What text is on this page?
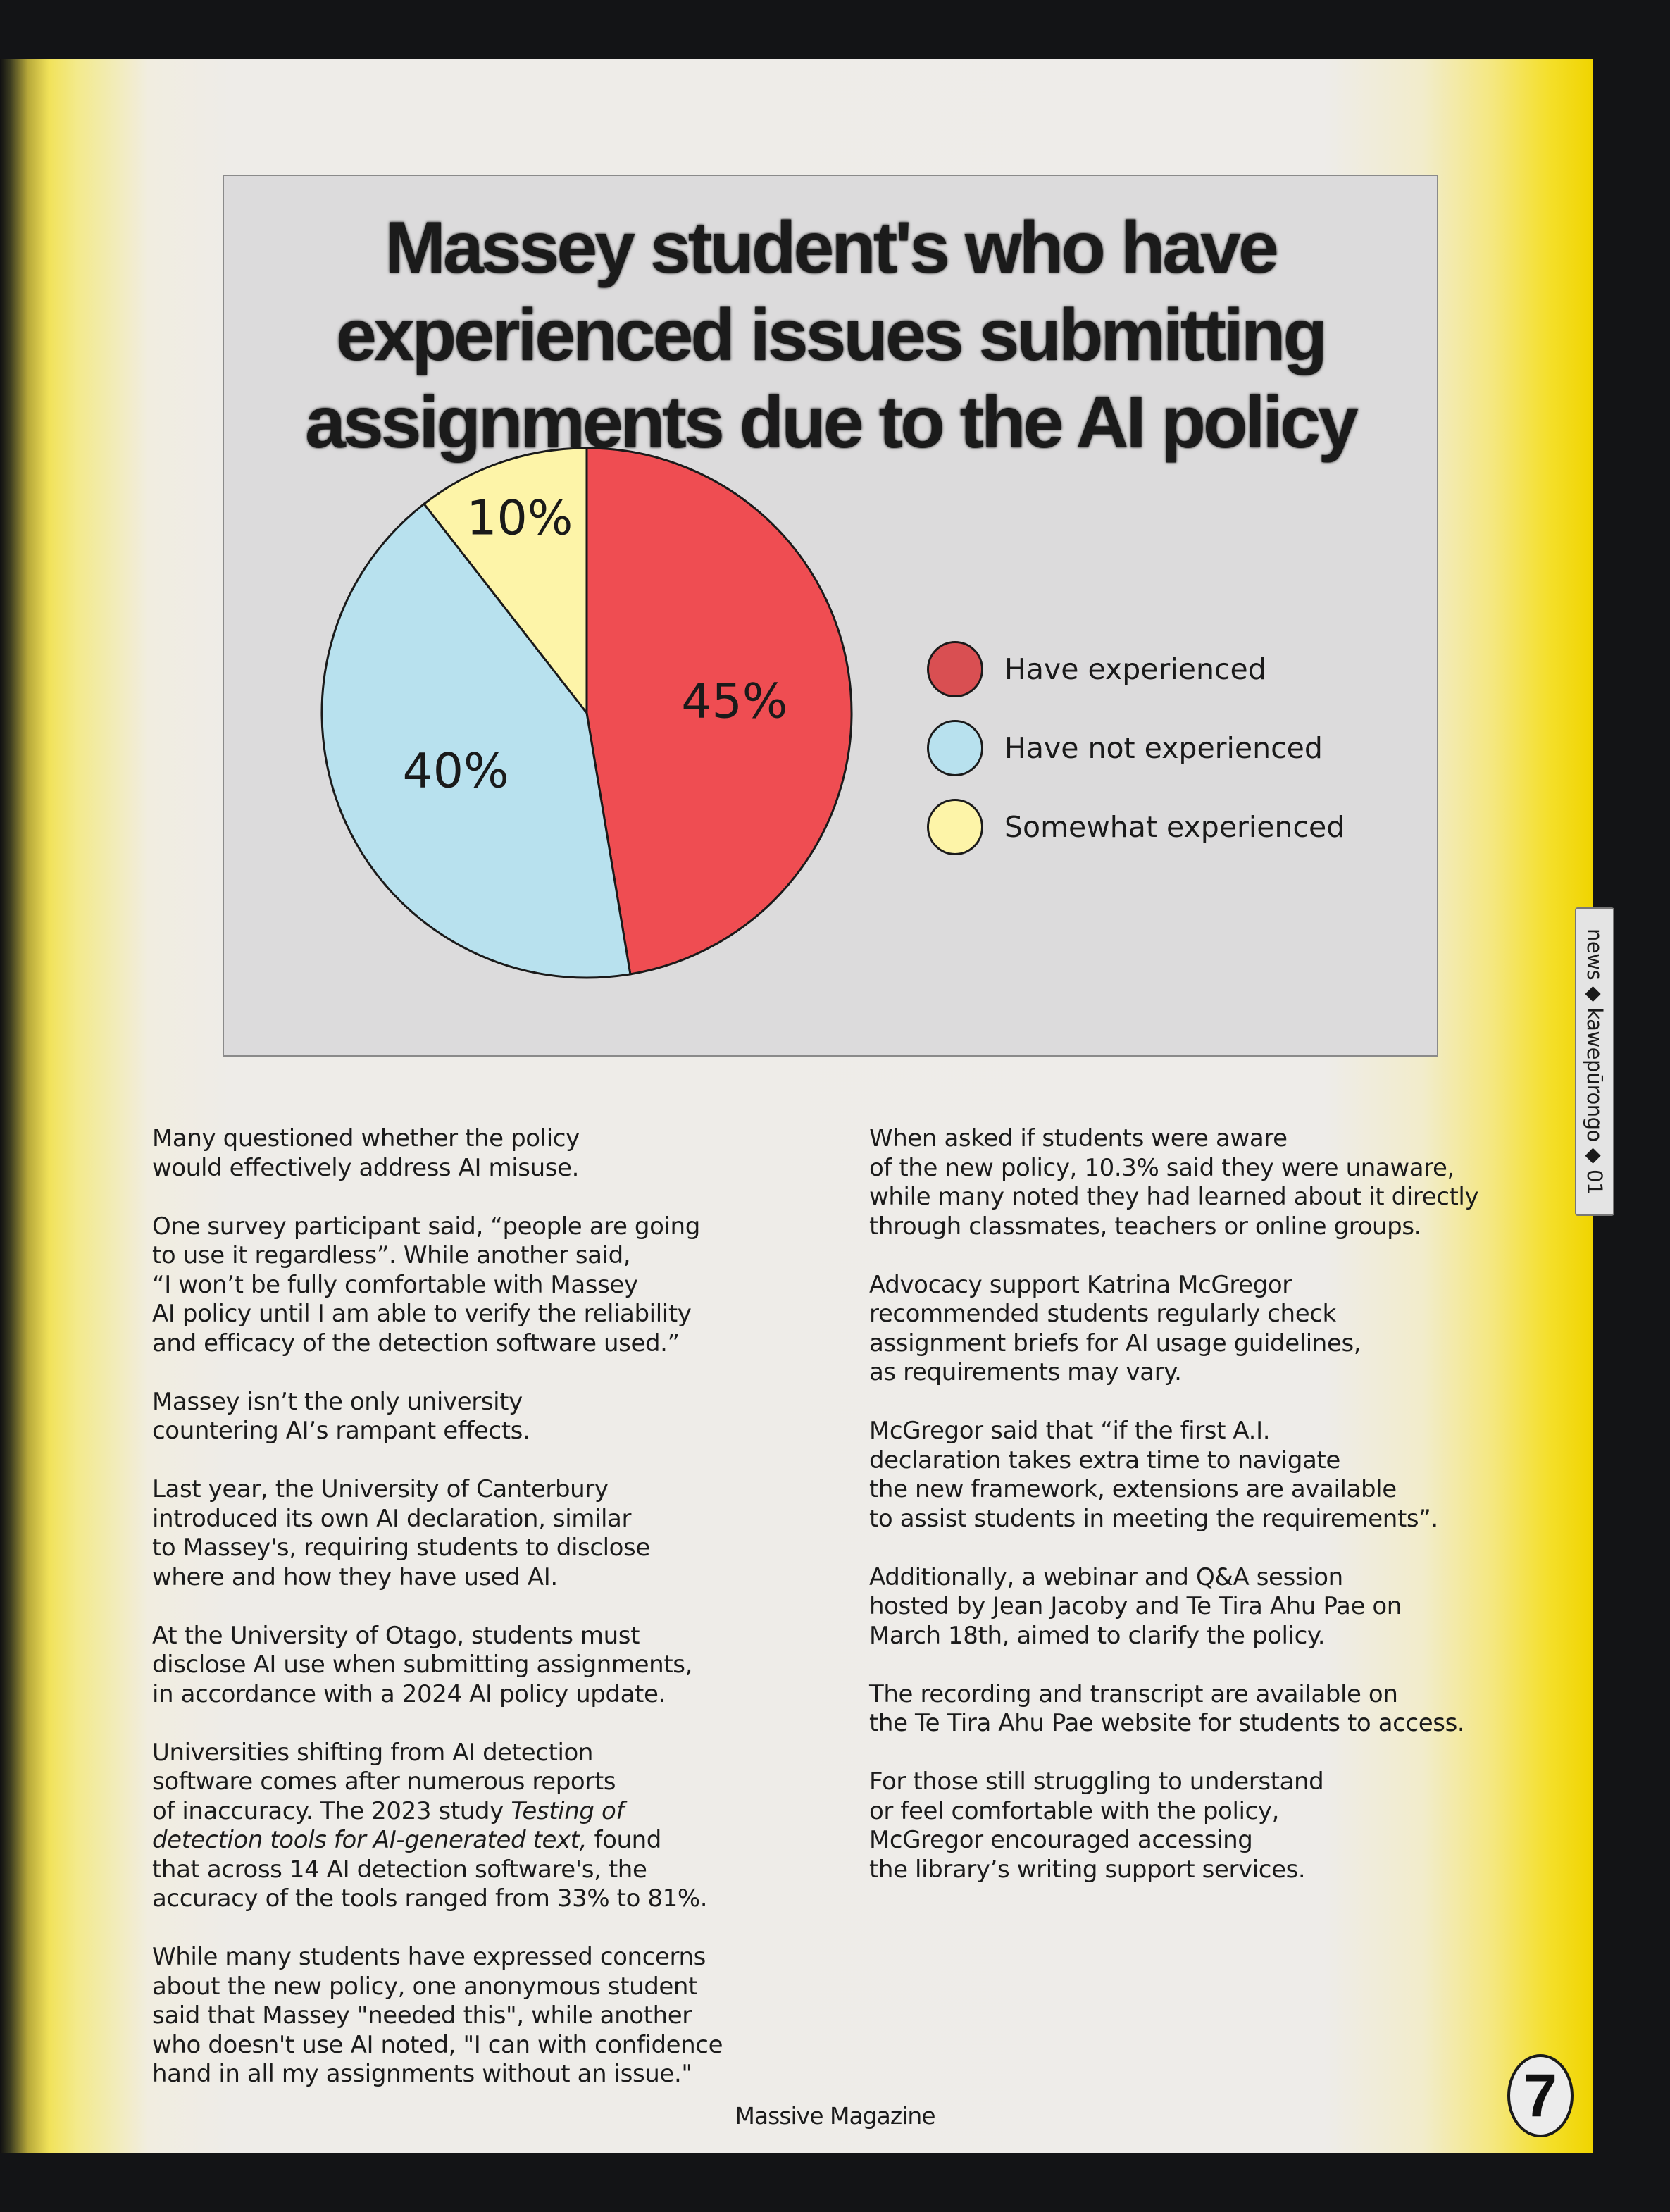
Massey student's who have
experienced issues submitting
assignments due to the AI policy
45%
40%
10%
Have experienced
Have not experienced
Somewhat experienced

Many questioned whether the policy
would effectively address AI misuse.

One survey participant said, “people are going
to use it regardless”. While another said,
“I won’t be fully comfortable with Massey
AI policy until I am able to verify the reliability
and efficacy of the detection software used.”

Massey isn’t the only university
countering AI’s rampant effects.

Last year, the University of Canterbury
introduced its own AI declaration, similar
to Massey's, requiring students to disclose
where and how they have used AI.

At the University of Otago, students must
disclose AI use when submitting assignments,
in accordance with a 2024 AI policy update.

Universities shifting from AI detection
software comes after numerous reports
of inaccuracy. The 2023 study Testing of
detection tools for AI-generated text, found
that across 14 AI detection software's, the
accuracy of the tools ranged from 33% to 81%.

While many students have expressed concerns
about the new policy, one anonymous student
said that Massey "needed this", while another
who doesn't use AI noted, "I can with confidence
hand in all my assignments without an issue."

When asked if students were aware
of the new policy, 10.3% said they were unaware,
while many noted they had learned about it directly
through classmates, teachers or online groups.

Advocacy support Katrina McGregor
recommended students regularly check
assignment briefs for AI usage guidelines,
as requirements may vary.

McGregor said that “if the first A.I.
declaration takes extra time to navigate
the new framework, extensions are available
to assist students in meeting the requirements”.

Additionally, a webinar and Q&A session
hosted by Jean Jacoby and Te Tira Ahu Pae on
March 18th, aimed to clarify the policy.

The recording and transcript are available on
the Te Tira Ahu Pae website for students to access.

For those still struggling to understand
or feel comfortable with the policy,
McGregor encouraged accessing
the library’s writing support services.

news ◆ kawepūrongo ◆ 01
Massive Magazine	7
